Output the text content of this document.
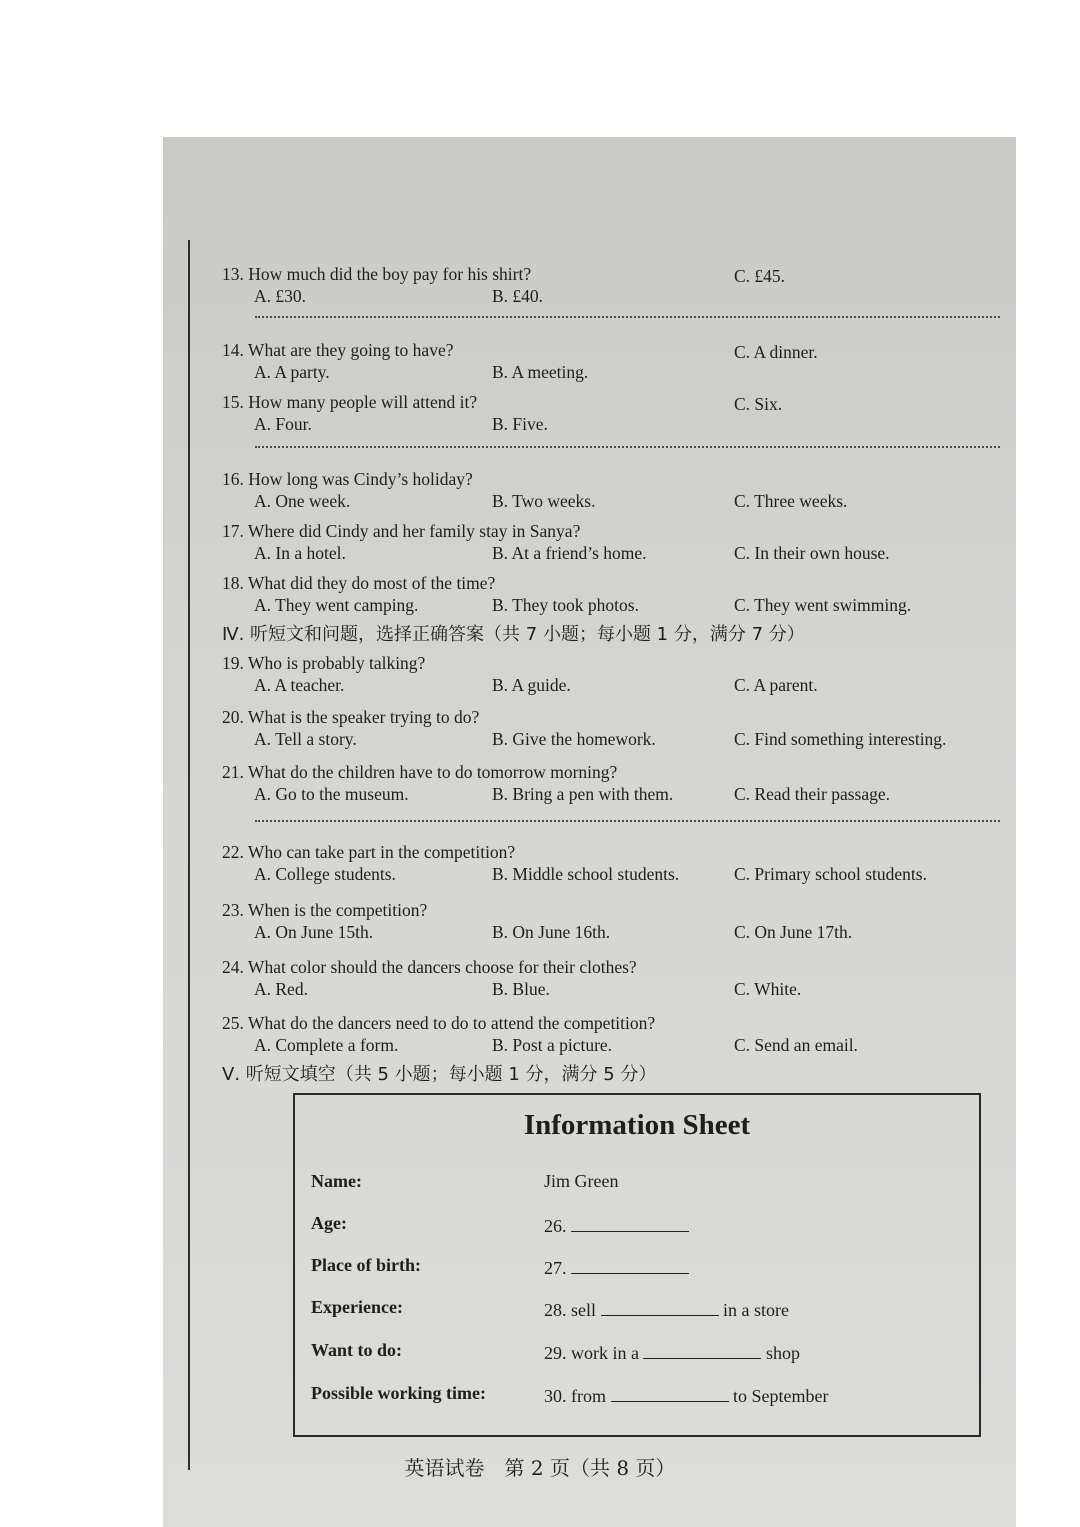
13. How much did the boy pay for his shirt?
A. £30.	B. £40.
C. £45.
14. What are they going to have?
A. A party.	B. A meeting.
C. A dinner.
15. How many people will attend it?
A. Four.	B. Five.
C. Six.
16. How long was Cindy’s holiday?
A. One week.	B. Two weeks.	C. Three weeks.
17. Where did Cindy and her family stay in Sanya?
A. In a hotel.	B. At a friend’s home.	C. In their own house.
18. What did they do most of the time?
A. They went camping.	B. They took photos.	C. They went swimming.
Ⅳ. 听短文和问题，选择正确答案（共 7 小题；每小题 1 分，满分 7 分）
19. Who is probably talking?
A. A teacher.	B. A guide.	C. A parent.
20. What is the speaker trying to do?
A. Tell a story.	B. Give the homework.	C. Find something interesting.
21. What do the children have to do tomorrow morning?
A. Go to the museum.	B. Bring a pen with them.	C. Read their passage.
22. Who can take part in the competition?
A. College students.	B. Middle school students.	C. Primary school students.
23. When is the competition?
A. On June 15th.	B. On June 16th.	C. On June 17th.
24. What color should the dancers choose for their clothes?
A. Red.	B. Blue.	C. White.
25. What do the dancers need to do to attend the competition?
A. Complete a form.	B. Post a picture.	C. Send an email.
Ⅴ. 听短文填空（共 5 小题；每小题 1 分，满分 5 分）
Information Sheet
Name:	Jim Green
Age:	26.
Place of birth:	27.
Experience:	28. sell	in a store
Want to do:	29. work in a	shop
Possible working time:	30. from	to September
英语试卷　第 2 页（共 8 页）
